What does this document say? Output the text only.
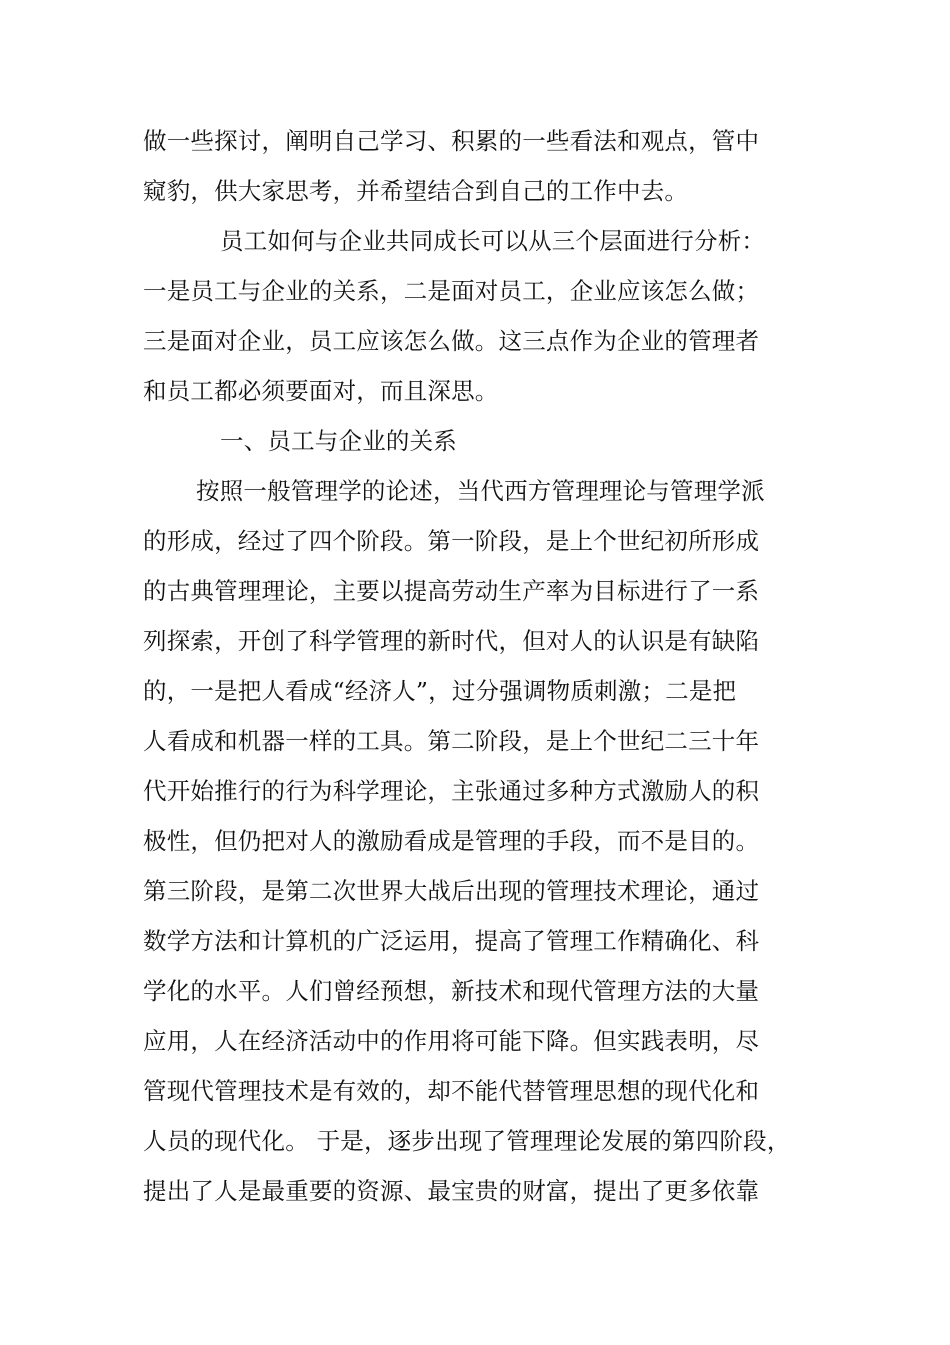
做一些探讨，阐明自己学习、积累的一些看法和观点，管中
窥豹，供大家思考，并希望结合到自己的工作中去。
员工如何与企业共同成长可以从三个层面进行分析：
一是员工与企业的关系，二是面对员工，企业应该怎么做；
三是面对企业，员工应该怎么做。这三点作为企业的管理者
和员工都必须要面对，而且深思。
一、员工与企业的关系
按照一般管理学的论述，当代西方管理理论与管理学派
的形成，经过了四个阶段。第一阶段，是上个世纪初所形成
的古典管理理论，主要以提高劳动生产率为目标进行了一系
列探索，开创了科学管理的新时代，但对人的认识是有缺陷
的，一是把人看成“经济人”，过分强调物质刺激；二是把
人看成和机器一样的工具。第二阶段，是上个世纪二三十年
代开始推行的行为科学理论，主张通过多种方式激励人的积
极性，但仍把对人的激励看成是管理的手段，而不是目的。
第三阶段，是第二次世界大战后出现的管理技术理论，通过
数学方法和计算机的广泛运用，提高了管理工作精确化、科
学化的水平。人们曾经预想，新技术和现代管理方法的大量
应用，人在经济活动中的作用将可能下降。但实践表明，尽
管现代管理技术是有效的，却不能代替管理思想的现代化和
人员的现代化。 于是，逐步出现了管理理论发展的第四阶段，
提出了人是最重要的资源、最宝贵的财富，提出了更多依靠
